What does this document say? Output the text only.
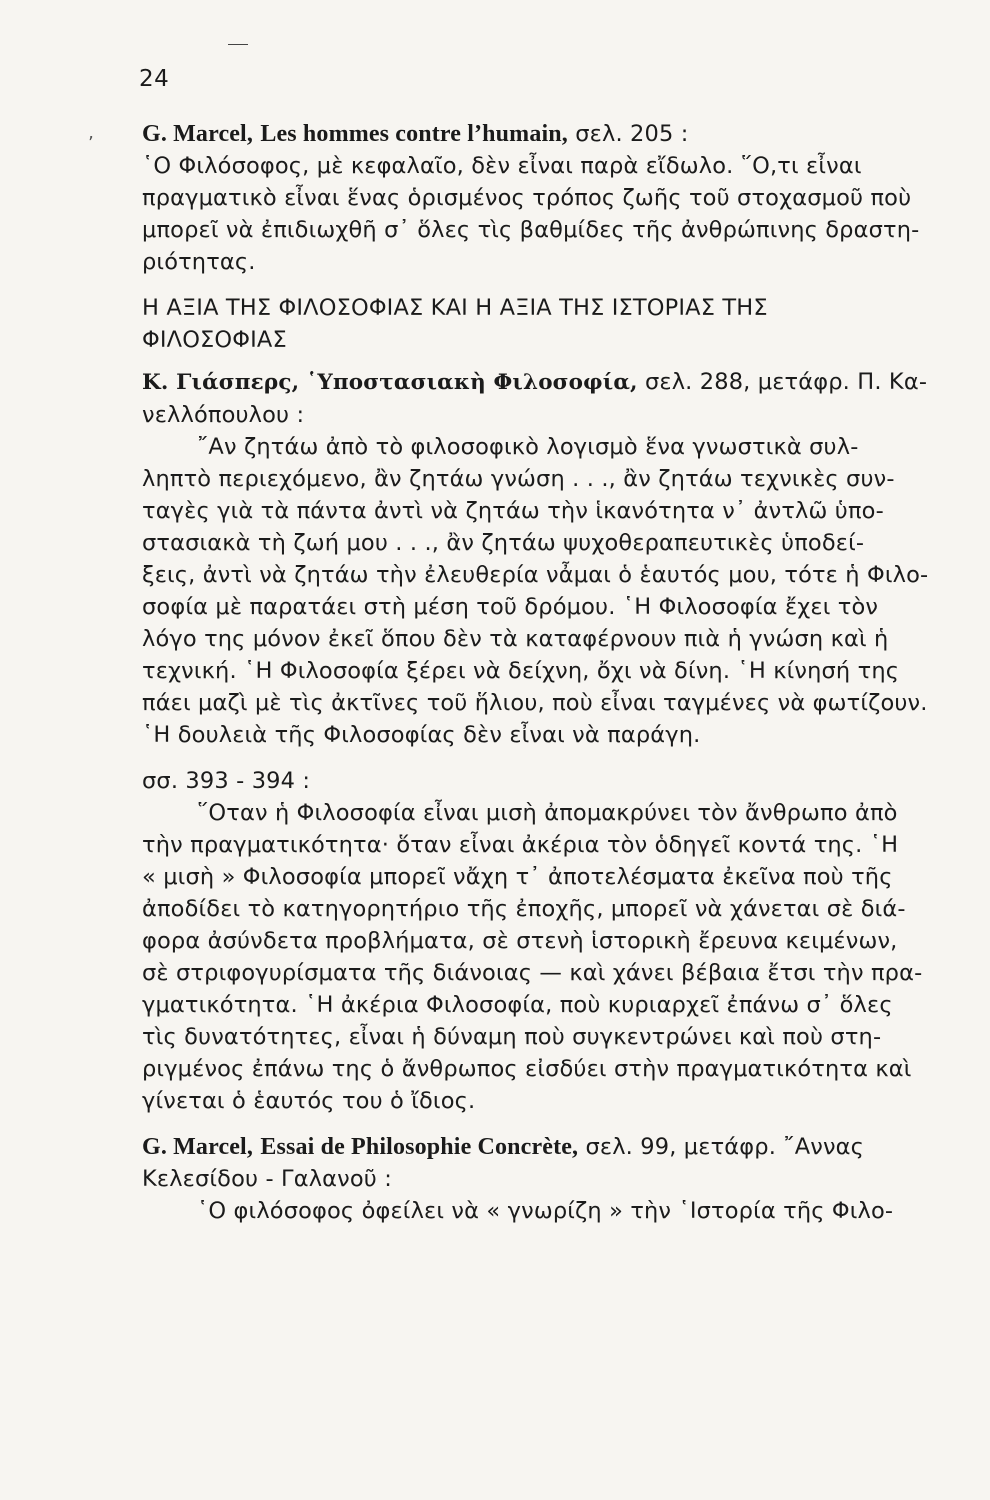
24
’ G. Marcel, Les hommes contre l’humain, σελ. 205 :
῾Ο Φιλόσοφος, μὲ κεφαλαῖο, δὲν εἶναι παρὰ εἴδωλο. ῞Ο,τι εἶναι
πραγματικὸ εἶναι ἕνας ὁρισμένος τρόπος ζωῆς τοῦ στοχασμοῦ ποὺ
μπορεῖ νὰ ἐπιδιωχθῆ σ᾿ ὅλες τὶς βαθμίδες τῆς ἀνθρώπινης δραστη-
ριότητας.
Η ΑΞΙΑ ΤΗΣ ΦΙΛΟΣΟΦΙΑΣ ΚΑΙ Η ΑΞΙΑ ΤΗΣ ΙΣΤΟΡΙΑΣ ΤΗΣ
ΦΙΛΟΣΟΦΙΑΣ
Κ. Γιάσπερς, ῾Υποστασιακὴ Φιλοσοφία, σελ. 288, μετάφρ. Π. Κα-
νελλόπουλου :
῎Αν ζητάω ἀπὸ τὸ φιλοσοφικὸ λογισμὸ ἕνα γνωστικὰ συλ-
ληπτὸ περιεχόμενο, ἂν ζητάω γνώση . . ., ἂν ζητάω τεχνικὲς συν-
ταγὲς γιὰ τὰ πάντα ἀντὶ νὰ ζητάω τὴν ἱκανότητα ν᾿ ἀντλῶ ὑπο-
στασιακὰ τὴ ζωή μου . . ., ἂν ζητάω ψυχοθεραπευτικὲς ὑποδεί-
ξεις, ἀντὶ νὰ ζητάω τὴν ἐλευθερία νἆμαι ὁ ἑαυτός μου, τότε ἡ Φιλο-
σοφία μὲ παρατάει στὴ μέση τοῦ δρόμου. ῾Η Φιλοσοφία ἔχει τὸν
λόγο της μόνον ἐκεῖ ὅπου δὲν τὰ καταφέρνουν πιὰ ἡ γνώση καὶ ἡ
τεχνική. ῾Η Φιλοσοφία ξέρει νὰ δείχνη, ὄχι νὰ δίνη. ῾Η κίνησή της
πάει μαζὶ μὲ τὶς ἀκτῖνες τοῦ ἥλιου, ποὺ εἶναι ταγμένες νὰ φωτίζουν.
῾Η δουλειὰ τῆς Φιλοσοφίας δὲν εἶναι νὰ παράγη.
σσ. 393 - 394 :
῞Οταν ἡ Φιλοσοφία εἶναι μισὴ ἀπομακρύνει τὸν ἄνθρωπο ἀπὸ
τὴν πραγματικότητα· ὅταν εἶναι ἀκέρια τὸν ὁδηγεῖ κοντά της. ῾Η
« μισὴ » Φιλοσοφία μπορεῖ νἄχη τ᾿ ἀποτελέσματα ἐκεῖνα ποὺ τῆς
ἀποδίδει τὸ κατηγορητήριο τῆς ἐποχῆς, μπορεῖ νὰ χάνεται σὲ διά-
φορα ἀσύνδετα προβλήματα, σὲ στενὴ ἱστορικὴ ἔρευνα κειμένων,
σὲ στριφογυρίσματα τῆς διάνοιας — καὶ χάνει βέβαια ἔτσι τὴν πρα-
γματικότητα. ῾Η ἀκέρια Φιλοσοφία, ποὺ κυριαρχεῖ ἐπάνω σ᾿ ὅλες
τὶς δυνατότητες, εἶναι ἡ δύναμη ποὺ συγκεντρώνει καὶ ποὺ στη-
ριγμένος ἐπάνω της ὁ ἄνθρωπος εἰσδύει στὴν πραγματικότητα καὶ
γίνεται ὁ ἑαυτός του ὁ ἴδιος.
G. Marcel, Essai de Philosophie Concrète, σελ. 99, μετάφρ. ῎Αννας
Κελεσίδου - Γαλανοῦ :
῾Ο φιλόσοφος ὀφείλει νὰ « γνωρίζη » τὴν ῾Ιστορία τῆς Φιλο-
